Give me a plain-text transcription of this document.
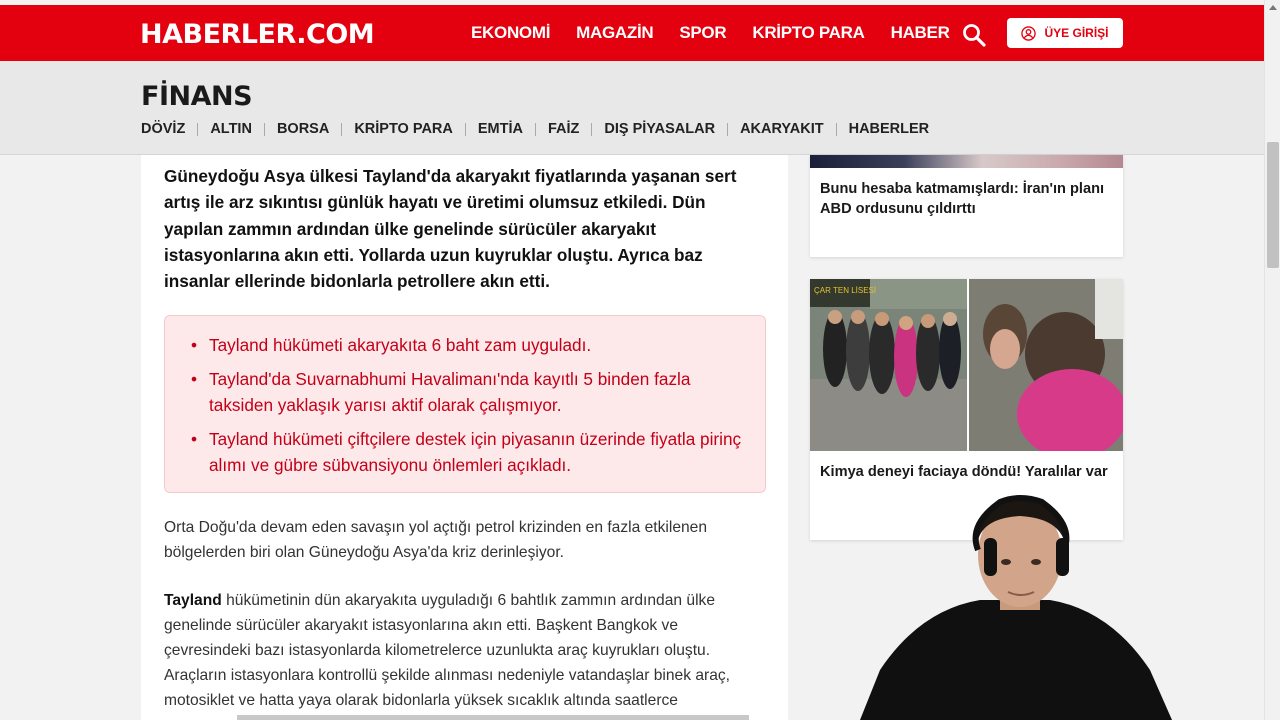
HABERLER.COM	EKONOMİ MAGAZİN SPOR KRİPTO PARA HABER	ÜYE GİRİŞİ
FİNANS
DÖVİZ ALTIN BORSA KRİPTO PARA EMTİA FAİZ DIŞ PİYASALAR AKARYAKIT HABERLER

Güneydoğu Asya ülkesi Tayland'da akaryakıt fiyatlarında yaşanan sert artış ile arz sıkıntısı günlük hayatı ve üretimi olumsuz etkiledi. Dün yapılan zammın ardından ülke genelinde sürücüler akaryakıt istasyonlarına akın etti. Yollarda uzun kuyruklar oluştu. Ayrıca baz insanlar ellerinde bidonlarla petrollere akın etti.

• Tayland hükümeti akaryakıta 6 baht zam uyguladı.
• Tayland'da Suvarnabhumi Havalimanı'nda kayıtlı 5 binden fazla taksiden yaklaşık yarısı aktif olarak çalışmıyor.
• Tayland hükümeti çiftçilere destek için piyasanın üzerinde fiyatla pirinç alımı ve gübre sübvansiyonu önlemleri açıkladı.

Orta Doğu'da devam eden savaşın yol açtığı petrol krizinden en fazla etkilenen bölgelerden biri olan Güneydoğu Asya'da kriz derinleşiyor.

Tayland hükümetinin dün akaryakıta uyguladığı 6 bahtlık zammın ardından ülke genelinde sürücüler akaryakıt istasyonlarına akın etti. Başkent Bangkok ve çevresindeki bazı istasyonlarda kilometrelerce uzunlukta araç kuyrukları oluştu. Araçların istasyonlara kontrollü şekilde alınması nedeniyle vatandaşlar binek araç, motosiklet ve hatta yaya olarak bidonlarla yüksek sıcaklık altında saatlerce

Bunu hesaba katmamışlardı: İran'ın planı ABD ordusunu çıldırttı
ÇAR TEN LİSESİ
Kimya deneyi faciaya döndü! Yaralılar var
